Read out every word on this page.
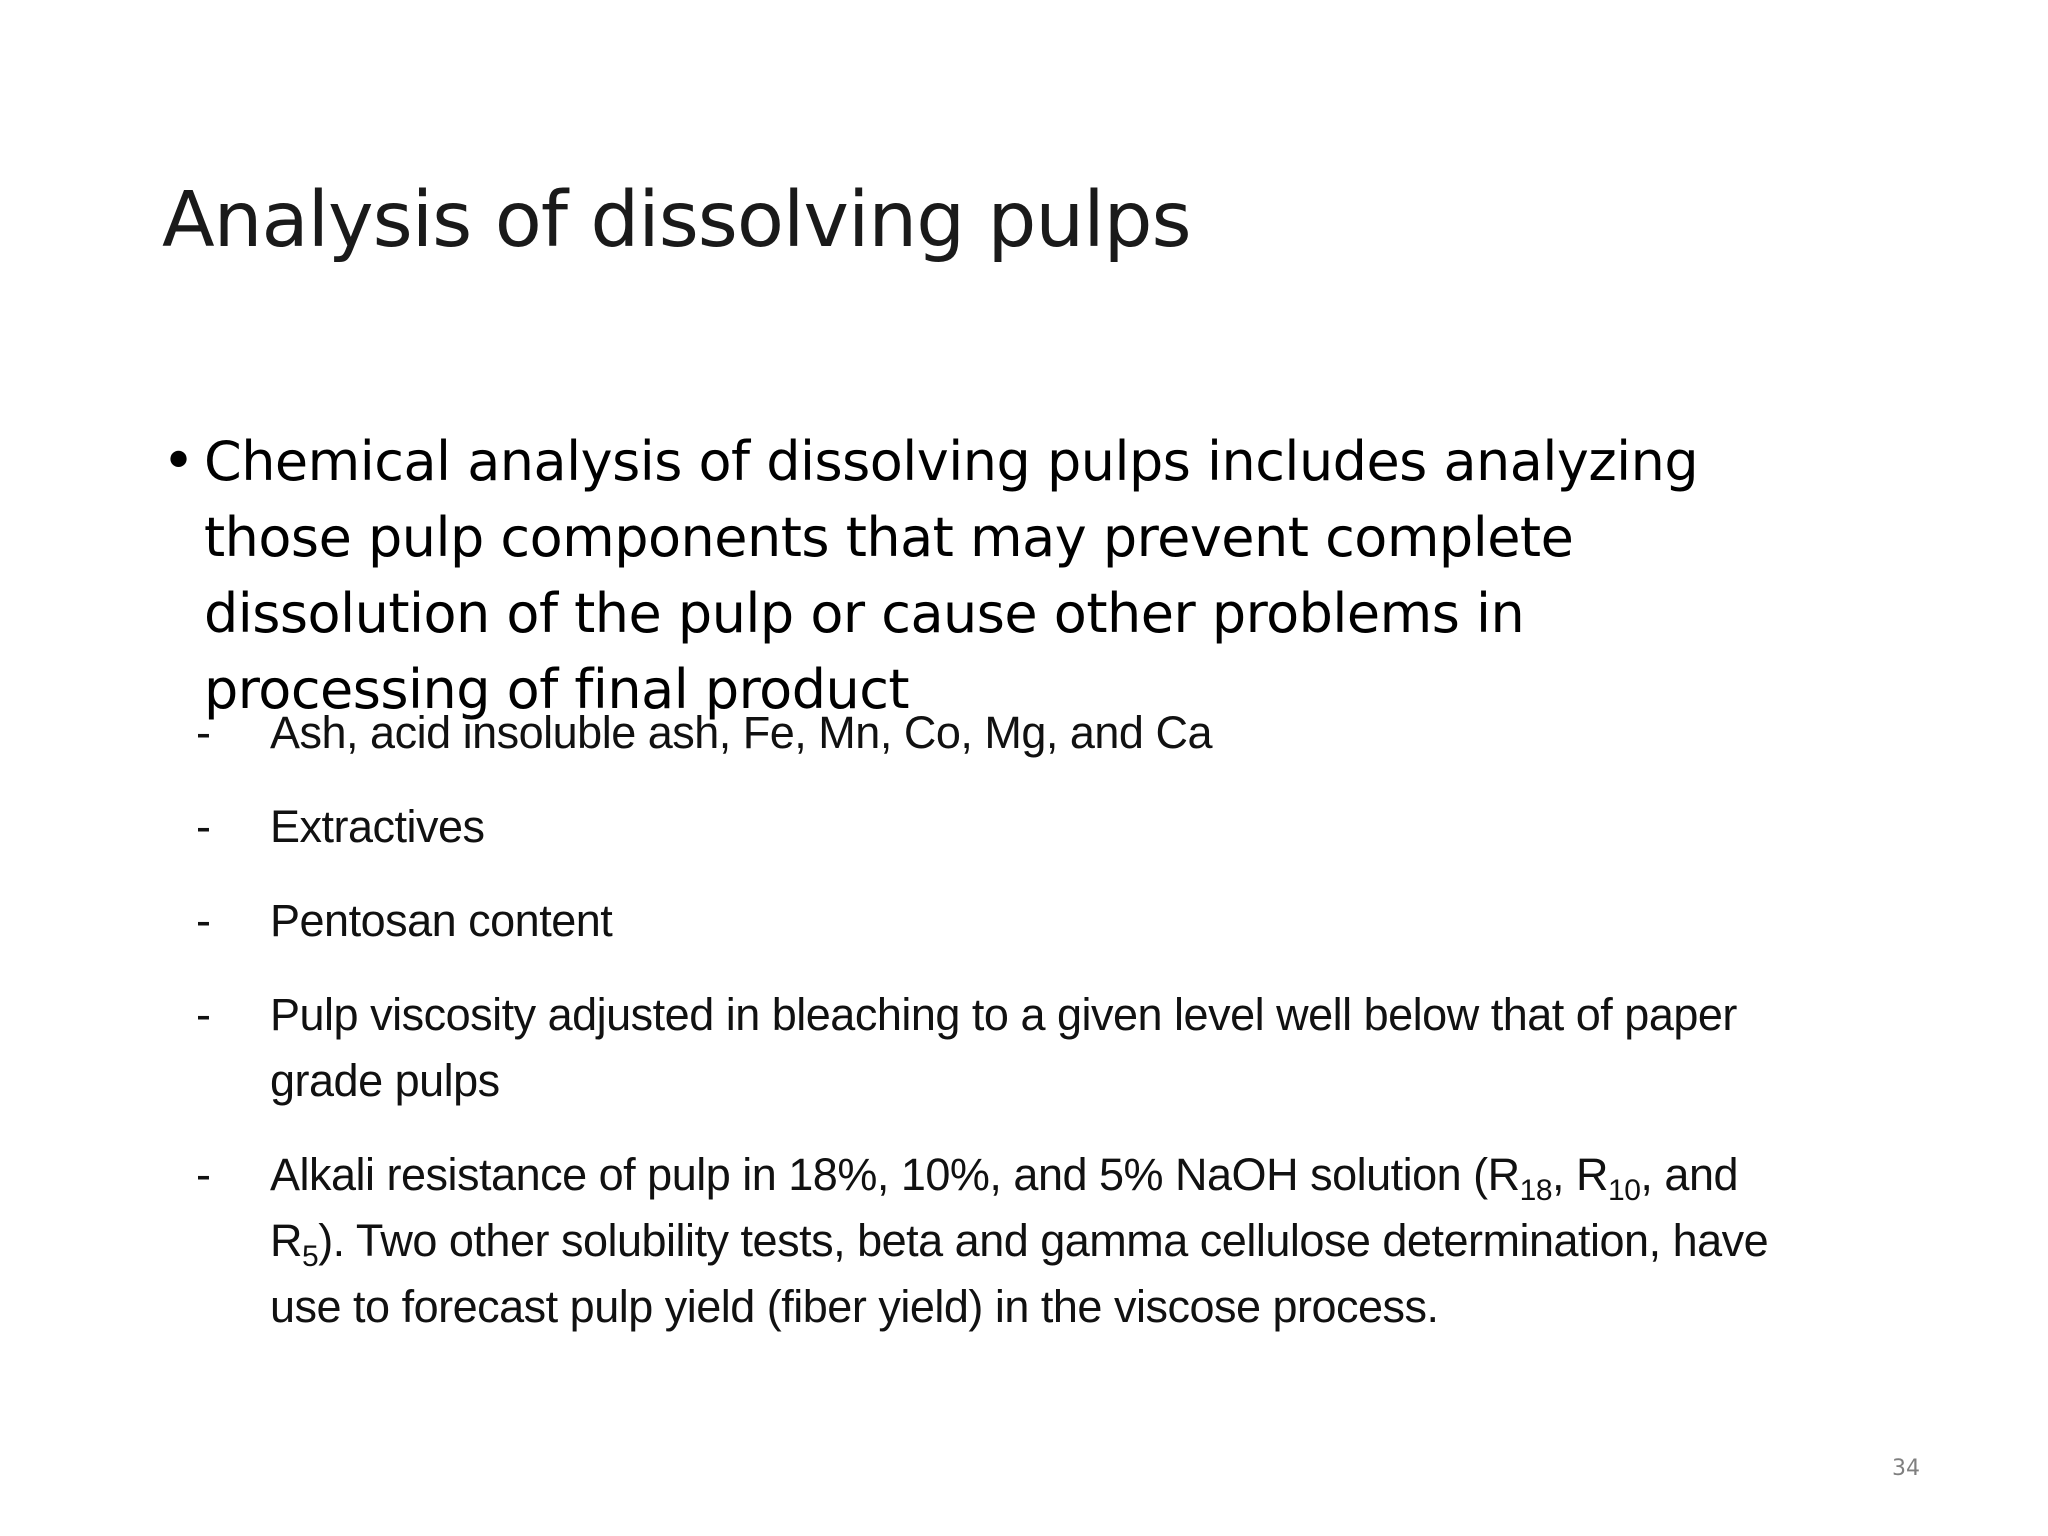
Analysis of dissolving pulps
• Chemical analysis of dissolving pulps includes analyzing
those pulp components that may prevent complete
dissolution of the pulp or cause other problems in
processing of final product
- Ash, acid insoluble ash, Fe, Mn, Co, Mg, and Ca
- Extractives
- Pentosan content
- Pulp viscosity adjusted in bleaching to a given level well below that of paper
grade pulps
- Alkali resistance of pulp in 18%, 10%, and 5% NaOH solution ($R_{18}$, $R_{10}$, and
$R_5$). Two other solubility tests, beta and gamma cellulose determination, have
use to forecast pulp yield (fiber yield) in the viscose process.
34
